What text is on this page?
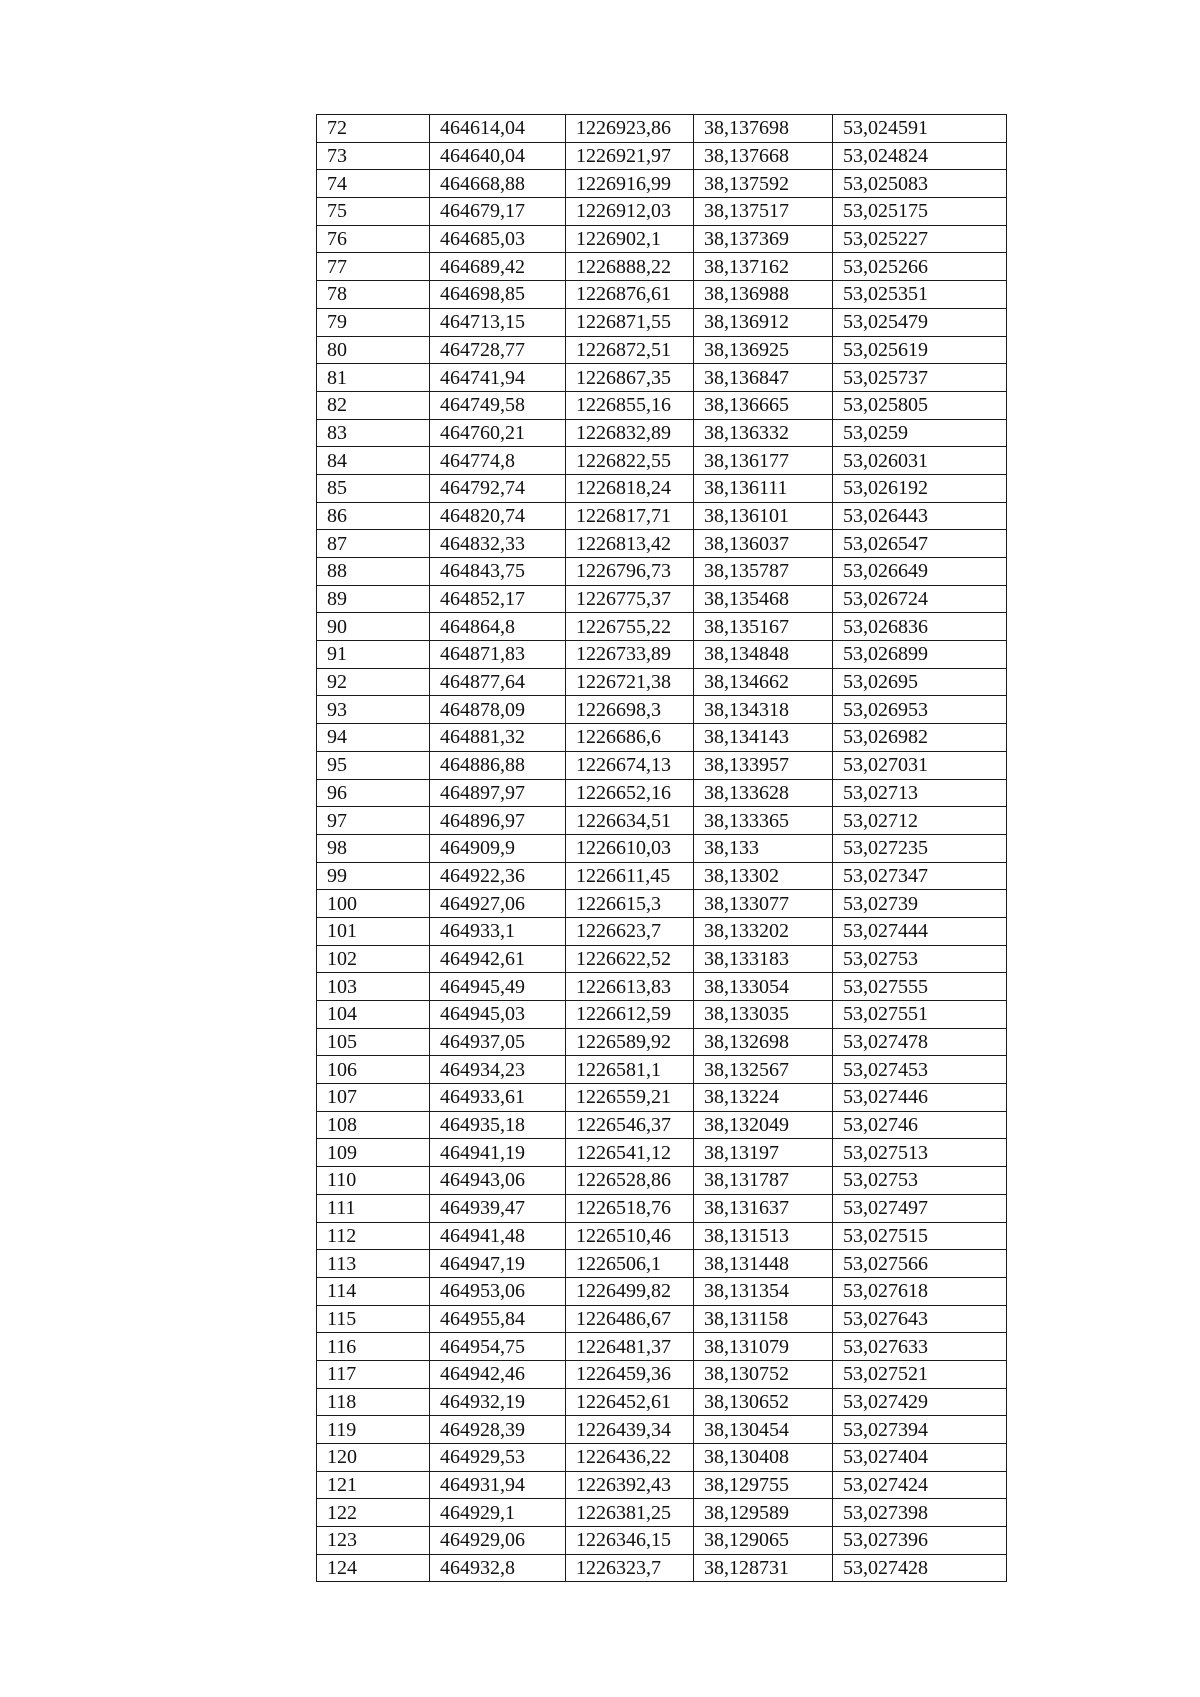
72	464614,04	1226923,86	38,137698	53,024591
73	464640,04	1226921,97	38,137668	53,024824
74	464668,88	1226916,99	38,137592	53,025083
75	464679,17	1226912,03	38,137517	53,025175
76	464685,03	1226902,1	38,137369	53,025227
77	464689,42	1226888,22	38,137162	53,025266
78	464698,85	1226876,61	38,136988	53,025351
79	464713,15	1226871,55	38,136912	53,025479
80	464728,77	1226872,51	38,136925	53,025619
81	464741,94	1226867,35	38,136847	53,025737
82	464749,58	1226855,16	38,136665	53,025805
83	464760,21	1226832,89	38,136332	53,0259
84	464774,8	1226822,55	38,136177	53,026031
85	464792,74	1226818,24	38,136111	53,026192
86	464820,74	1226817,71	38,136101	53,026443
87	464832,33	1226813,42	38,136037	53,026547
88	464843,75	1226796,73	38,135787	53,026649
89	464852,17	1226775,37	38,135468	53,026724
90	464864,8	1226755,22	38,135167	53,026836
91	464871,83	1226733,89	38,134848	53,026899
92	464877,64	1226721,38	38,134662	53,02695
93	464878,09	1226698,3	38,134318	53,026953
94	464881,32	1226686,6	38,134143	53,026982
95	464886,88	1226674,13	38,133957	53,027031
96	464897,97	1226652,16	38,133628	53,02713
97	464896,97	1226634,51	38,133365	53,02712
98	464909,9	1226610,03	38,133	53,027235
99	464922,36	1226611,45	38,13302	53,027347
100	464927,06	1226615,3	38,133077	53,02739
101	464933,1	1226623,7	38,133202	53,027444
102	464942,61	1226622,52	38,133183	53,02753
103	464945,49	1226613,83	38,133054	53,027555
104	464945,03	1226612,59	38,133035	53,027551
105	464937,05	1226589,92	38,132698	53,027478
106	464934,23	1226581,1	38,132567	53,027453
107	464933,61	1226559,21	38,13224	53,027446
108	464935,18	1226546,37	38,132049	53,02746
109	464941,19	1226541,12	38,13197	53,027513
110	464943,06	1226528,86	38,131787	53,02753
111	464939,47	1226518,76	38,131637	53,027497
112	464941,48	1226510,46	38,131513	53,027515
113	464947,19	1226506,1	38,131448	53,027566
114	464953,06	1226499,82	38,131354	53,027618
115	464955,84	1226486,67	38,131158	53,027643
116	464954,75	1226481,37	38,131079	53,027633
117	464942,46	1226459,36	38,130752	53,027521
118	464932,19	1226452,61	38,130652	53,027429
119	464928,39	1226439,34	38,130454	53,027394
120	464929,53	1226436,22	38,130408	53,027404
121	464931,94	1226392,43	38,129755	53,027424
122	464929,1	1226381,25	38,129589	53,027398
123	464929,06	1226346,15	38,129065	53,027396
124	464932,8	1226323,7	38,128731	53,027428
